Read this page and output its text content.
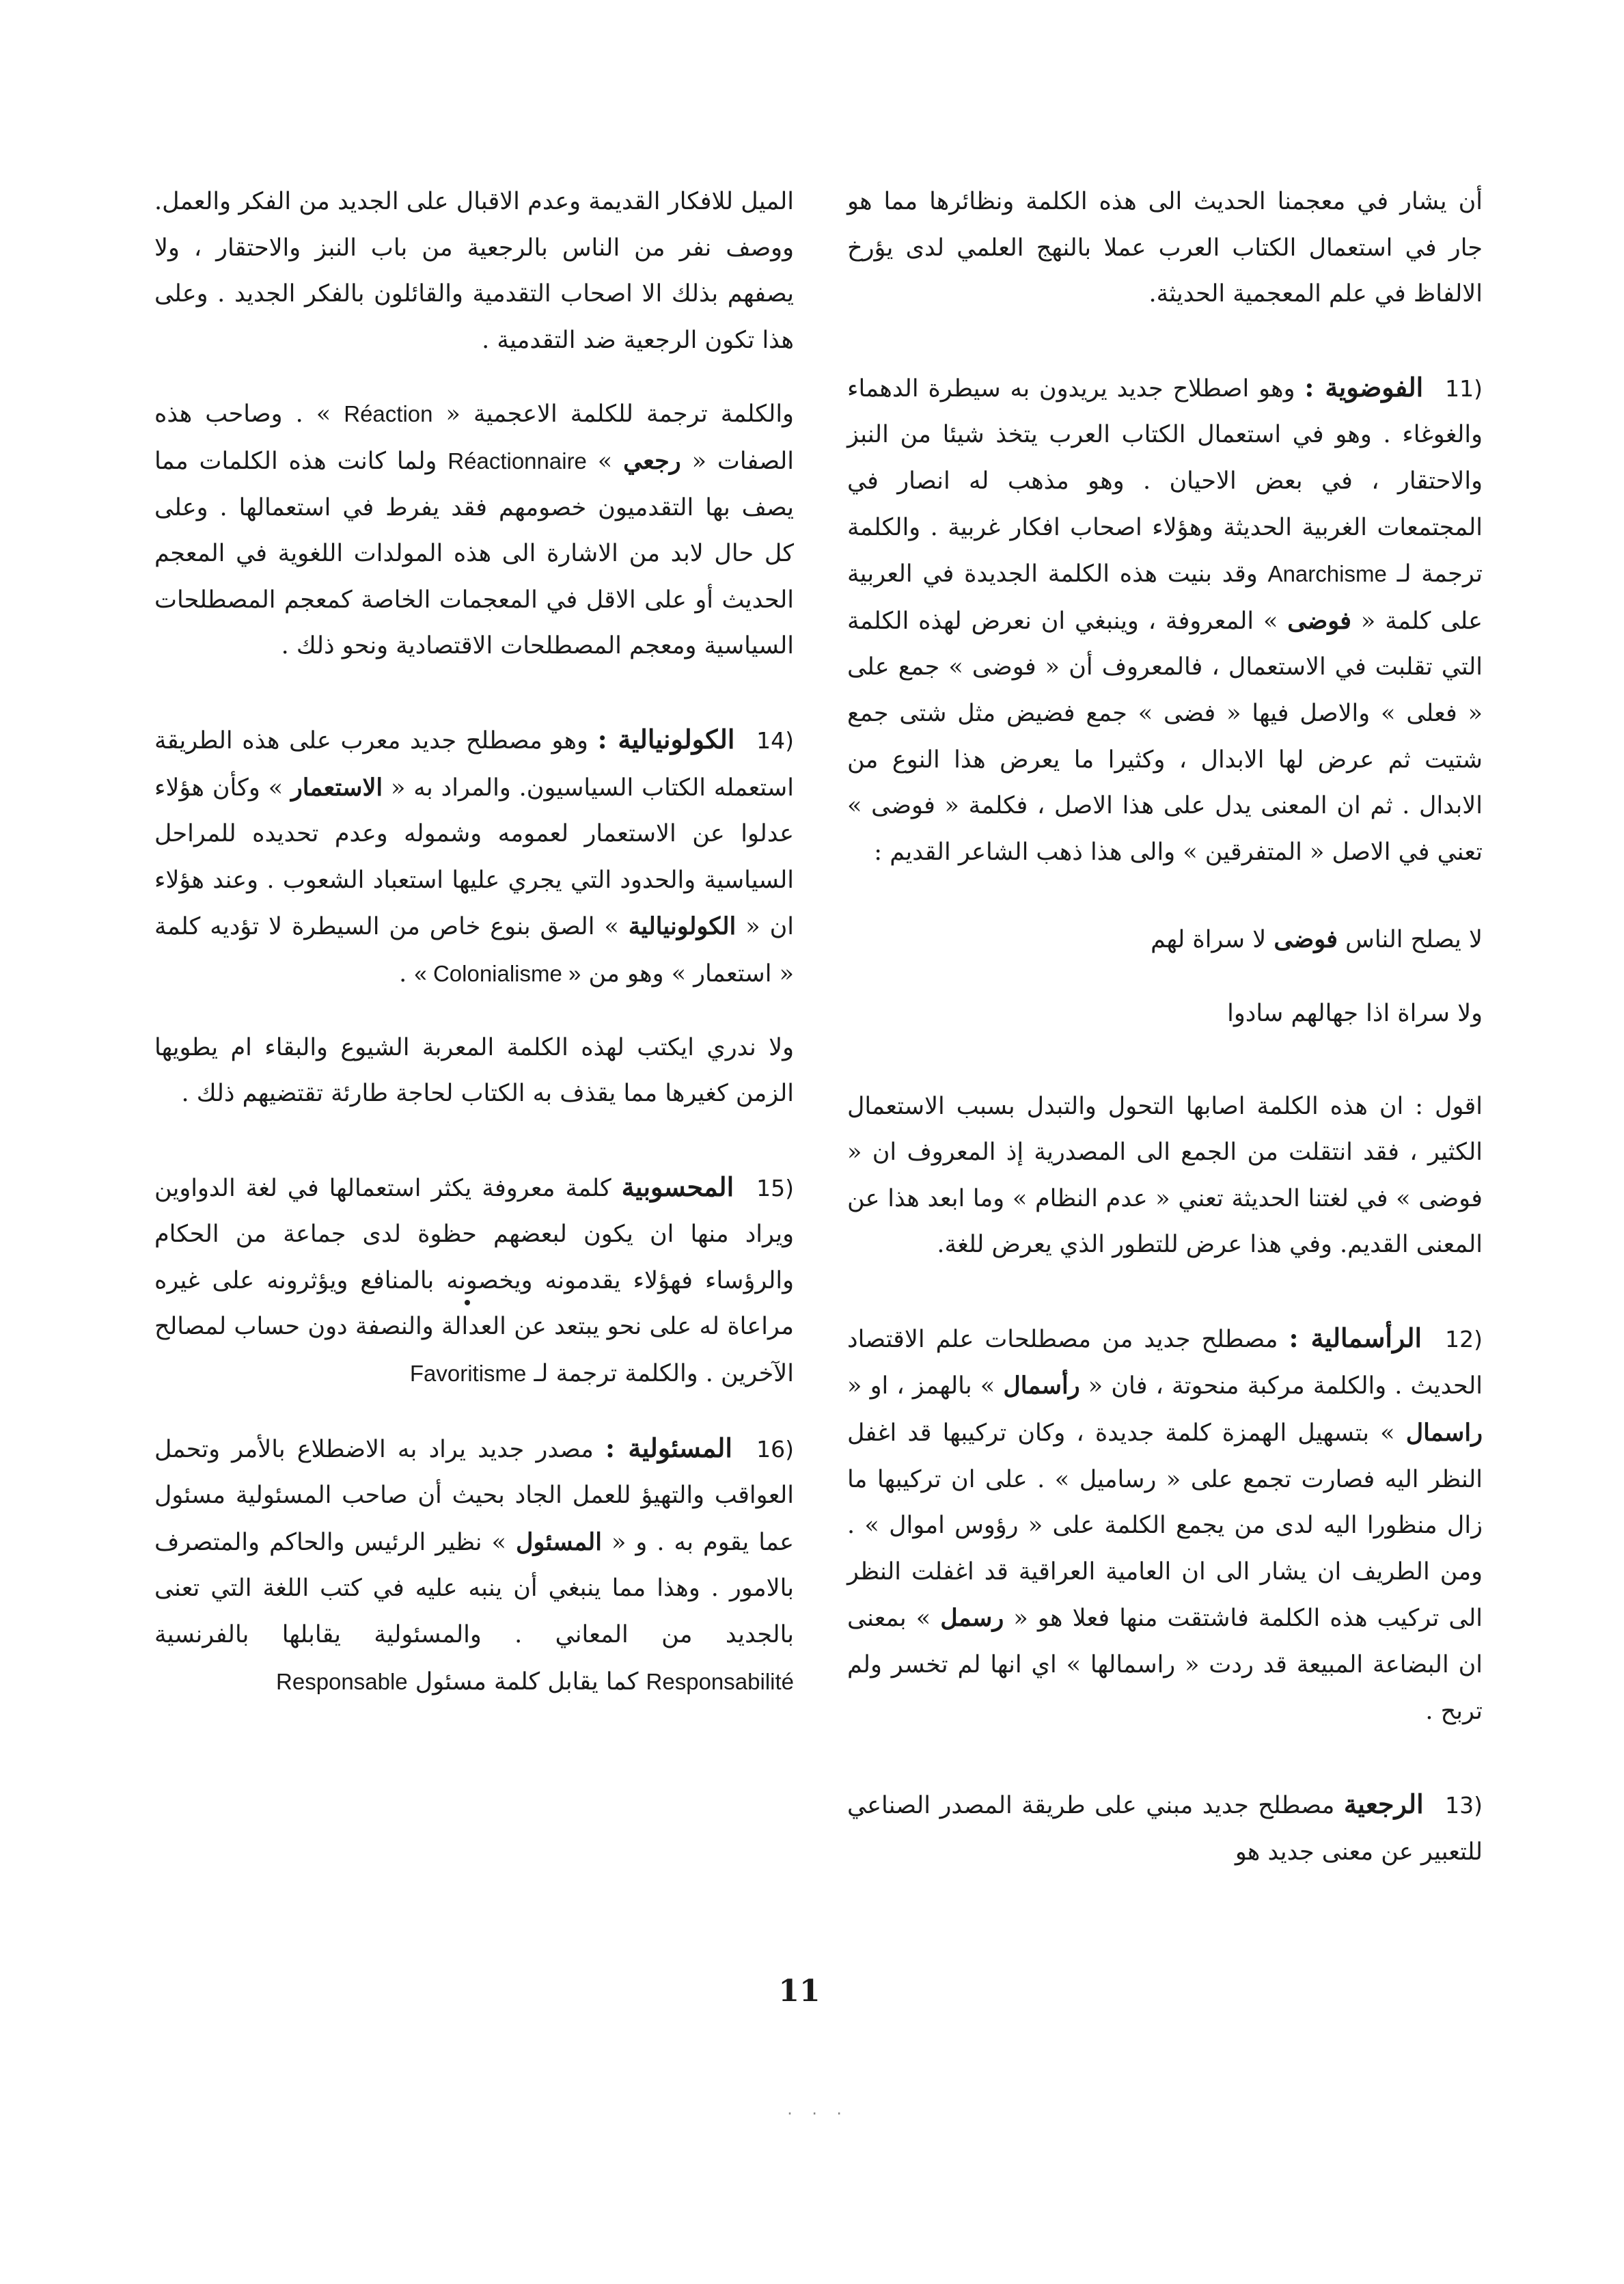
أن يشار في معجمنا الحديث الى هذه الكلمة ونظائرها مما هو جار في استعمال الكتاب العرب عملا بالنهج العلمي لدى يؤرخ الالفاظ في علم المعجمية الحديثة.

11) الفوضوية : وهو اصطلاح جديد يريدون به سيطرة الدهماء والغوغاء . وهو في استعمال الكتاب العرب يتخذ شيئا من النبز والاحتقار ، في بعض الاحيان . وهو مذهب له انصار في المجتمعات الغربية الحديثة وهؤلاء اصحاب افكار غربية . والكلمة ترجمة لـ Anarchisme وقد بنيت هذه الكلمة الجديدة في العربية على كلمة « فوضى » المعروفة ، وينبغي ان نعرض لهذه الكلمة التي تقلبت في الاستعمال ، فالمعروف أن « فوضى » جمع على « فعلى » والاصل فيها « فضى » جمع فضيض مثل شتى جمع شتيت ثم عرض لها الابدال ، وكثيرا ما يعرض هذا النوع من الابدال . ثم ان المعنى يدل على هذا الاصل ، فكلمة « فوضى » تعني في الاصل « المتفرقين » والى هذا ذهب الشاعر القديم :

لا يصلح الناس فوضى لا سراة لهم

ولا سراة اذا جهالهم سادوا

اقول : ان هذه الكلمة اصابها التحول والتبدل بسبب الاستعمال الكثير ، فقد انتقلت من الجمع الى المصدرية إذ المعروف ان « فوضى » في لغتنا الحديثة تعني « عدم النظام » وما ابعد هذا عن المعنى القديم. وفي هذا عرض للتطور الذي يعرض للغة.

12) الرأسمالية : مصطلح جديد من مصطلحات علم الاقتصاد الحديث . والكلمة مركبة منحوتة ، فان « رأسمال » بالهمز ، او « راسمال » بتسهيل الهمزة كلمة جديدة ، وكان تركيبها قد اغفل النظر اليه فصارت تجمع على « رساميل » . على ان تركيبها ما زال منظورا اليه لدى من يجمع الكلمة على « رؤوس اموال » . ومن الطريف ان يشار الى ان العامية العراقية قد اغفلت النظر الى تركيب هذه الكلمة فاشتقت منها فعلا هو « رسمل » بمعنى ان البضاعة المبيعة قد ردت « راسمالها » اي انها لم تخسر ولم تربح .

13) الرجعية مصطلح جديد مبني على طريقة المصدر الصناعي للتعبير عن معنى جديد هو

الميل للافكار القديمة وعدم الاقبال على الجديد من الفكر والعمل. ووصف نفر من الناس بالرجعية من باب النبز والاحتقار ، ولا يصفهم بذلك الا اصحاب التقدمية والقائلون بالفكر الجديد . وعلى هذا تكون الرجعية ضد التقدمية .

والكلمة ترجمة للكلمة الاعجمية « Réaction » . وصاحب هذه الصفات « رجعي » Réactionnaire ولما كانت هذه الكلمات مما يصف بها التقدميون خصومهم فقد يفرط في استعمالها . وعلى كل حال لابد من الاشارة الى هذه المولدات اللغوية في المعجم الحديث أو على الاقل في المعجمات الخاصة كمعجم المصطلحات السياسية ومعجم المصطلحات الاقتصادية ونحو ذلك .

14) الكولونيالية : وهو مصطلح جديد معرب على هذه الطريقة استعمله الكتاب السياسيون. والمراد به « الاستعمار » وكأن هؤلاء عدلوا عن الاستعمار لعمومه وشموله وعدم تحديده للمراحل السياسية والحدود التي يجري عليها استعباد الشعوب . وعند هؤلاء ان « الكولونيالية » الصق بنوع خاص من السيطرة لا تؤديه كلمة « استعمار » وهو من « Colonialisme » .

ولا ندري ايكتب لهذه الكلمة المعربة الشيوع والبقاء ام يطويها الزمن كغيرها مما يقذف به الكتاب لحاجة طارئة تقتضيهم ذلك .

15) المحسوبية كلمة معروفة يكثر استعمالها في لغة الدواوين ويراد منها ان يكون لبعضهم حظوة لدى جماعة من الحكام والرؤساء فهؤلاء يقدمونه ويخصونه بالمنافع ويؤثرونه على غيره مراعاة له على نحو يبتعد عن العدالة والنصفة دون حساب لمصالح الآخرين . والكلمة ترجمة لـ Favoritisme

16) المسئولية : مصدر جديد يراد به الاضطلاع بالأمر وتحمل العواقب والتهيؤ للعمل الجاد بحيث أن صاحب المسئولية مسئول عما يقوم به . و « المسئول » نظير الرئيس والحاكم والمتصرف بالامور . وهذا مما ينبغي أن ينبه عليه في كتب اللغة التي تعنى بالجديد من المعاني . والمسئولية يقابلها بالفرنسية Responsabilité كما يقابل كلمة مسئول Responsable

11
. . .
